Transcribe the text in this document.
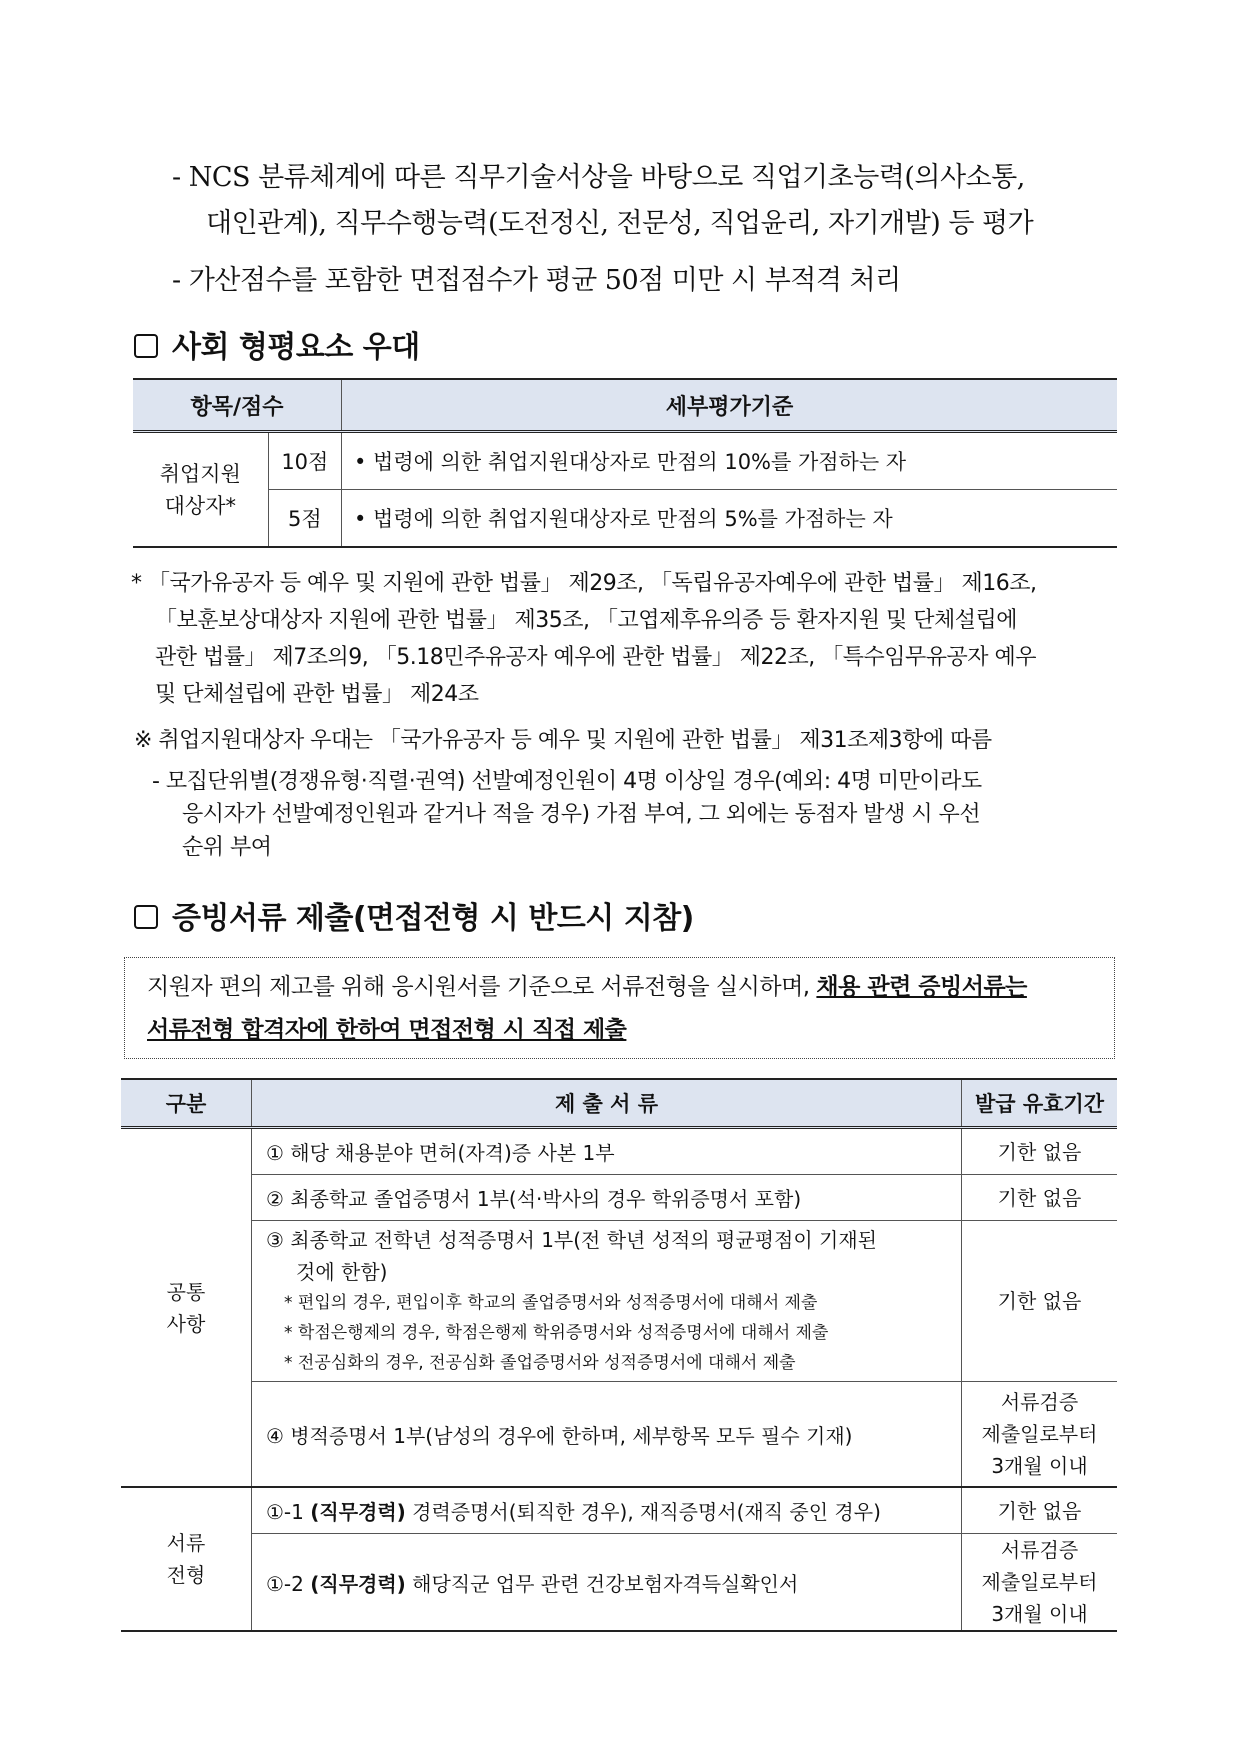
- NCS 분류체계에 따른 직무기술서상을 바탕으로 직업기초능력(의사소통,
대인관계), 직무수행능력(도전정신, 전문성, 직업윤리, 자기개발) 등 평가
- 가산점수를 포함한 면접점수가 평균 50점 미만 시 부적격 처리
사회 형평요소 우대
항목/점수		세부평가기준
취업지원
대상자*	10점	• 법령에 의한 취업지원대상자로 만점의 10%를 가점하는 자
	5점	• 법령에 의한 취업지원대상자로 만점의 5%를 가점하는 자
* 「국가유공자 등 예우 및 지원에 관한 법률」 제29조, 「독립유공자예우에 관한 법률」 제16조,
「보훈보상대상자 지원에 관한 법률」 제35조, 「고엽제후유의증 등 환자지원 및 단체설립에
관한 법률」 제7조의9, 「5.18민주유공자 예우에 관한 법률」 제22조, 「특수임무유공자 예우
및 단체설립에 관한 법률」 제24조
※ 취업지원대상자 우대는 「국가유공자 등 예우 및 지원에 관한 법률」 제31조제3항에 따름
- 모집단위별(경쟁유형·직렬·권역) 선발예정인원이 4명 이상일 경우(예외: 4명 미만이라도
응시자가 선발예정인원과 같거나 적을 경우) 가점 부여, 그 외에는 동점자 발생 시 우선
순위 부여
증빙서류 제출(면접전형 시 반드시 지참)
지원자 편의 제고를 위해 응시원서를 기준으로 서류전형을 실시하며, 채용 관련 증빙서류는
서류전형 합격자에 한하여 면접전형 시 직접 제출
구분	제 출 서 류	발급 유효기간
공통
사항	① 해당 채용분야 면허(자격)증 사본 1부	기한 없음
	② 최종학교 졸업증명서 1부(석·박사의 경우 학위증명서 포함)	기한 없음

	③ 최종학교 전학년 성적증명서 1부(전 학년 성적의 평균평점이 기재된
것에 한함)
* 편입의 경우, 편입이후 학교의 졸업증명서와 성적증명서에 대해서 제출
* 학점은행제의 경우, 학점은행제 학위증명서와 성적증명서에 대해서 제출
* 전공심화의 경우, 전공심화 졸업증명서와 성적증명서에 대해서 제출	기한 없음
	④ 병적증명서 1부(남성의 경우에 한하며, 세부항목 모두 필수 기재)	서류검증
제출일로부터
3개월 이내
서류
전형	①-1 (직무경력) 경력증명서(퇴직한 경우), 재직증명서(재직 중인 경우)	기한 없음
	①-2 (직무경력) 해당직군 업무 관련 건강보험자격득실확인서	서류검증
제출일로부터
3개월 이내
